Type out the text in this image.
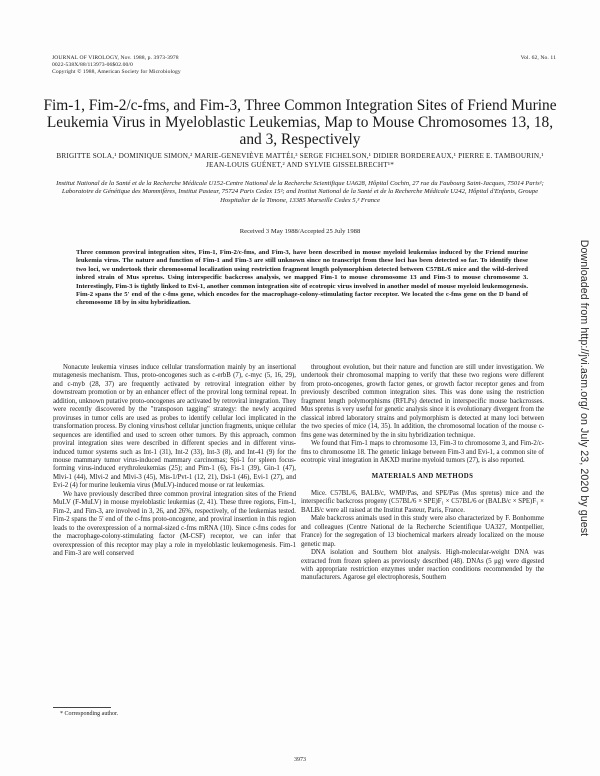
JOURNAL OF VIROLOGY, Nov. 1988, p. 3973-3978
0022-538X/88/113973-06$02.00/0
Copyright © 1988, American Society for Microbiology
Vol. 62, No. 11
Fim-1, Fim-2/c-fms, and Fim-3, Three Common Integration Sites of Friend Murine Leukemia Virus in Myeloblastic Leukemias, Map to Mouse Chromosomes 13, 18, and 3, Respectively
BRIGITTE SOLA,¹ DOMINIQUE SIMON,² MARIE-GENEVIÈVE MATTÉI,³ SERGE FICHELSON,¹ DIDIER BORDEREAUX,¹ PIERRE E. TAMBOURIN,¹ JEAN-LOUIS GUÉNET,² AND SYLVIE GISSELBRECHT¹*
Institut National de la Santé et de la Recherche Médicale U152-Centre National de la Recherche Scientifique UA628, Hôpital Cochin, 27 rue du Faubourg Saint-Jacques, 75014 Paris¹; Laboratoire de Génétique des Mammifères, Institut Pasteur, 75724 Paris Cedex 15²; and Institut National de la Santé et de la Recherche Médicale U242, Hôpital d'Enfants, Groupe Hospitalier de la Timone, 13385 Marseille Cedex 5,³ France
Received 3 May 1988/Accepted 25 July 1988
Three common proviral integration sites, Fim-1, Fim-2/c-fms, and Fim-3, have been described in mouse myeloid leukemias induced by the Friend murine leukemia virus. The nature and function of Fim-1 and Fim-3 are still unknown since no transcript from these loci has been detected so far. To identify these two loci, we undertook their chromosomal localization using restriction fragment length polymorphism detected between C57BL/6 mice and the wild-derived inbred strain of Mus spretus. Using interspecific backcross analysis, we mapped Fim-1 to mouse chromosome 13 and Fim-3 to mouse chromosome 3. Interestingly, Fim-3 is tightly linked to Evi-1, another common integration site of ecotropic virus involved in another model of mouse myeloid leukemogenesis. Fim-2 spans the 5' end of the c-fms gene, which encodes for the macrophage-colony-stimulating factor receptor. We located the c-fms gene on the D band of chromosome 18 by in situ hybridization.

Nonacute leukemia viruses induce cellular transformation mainly by an insertional mutagenesis mechanism. Thus, proto-oncogenes such as c-erbB (7), c-myc (5, 16, 29), and c-myb (28, 37) are frequently activated by retroviral integration either by downstream promotion or by an enhancer effect of the proviral long terminal repeat. In addition, unknown putative proto-oncogenes are activated by retroviral integration. They were recently discovered by the "transposon tagging" strategy: the newly acquired proviruses in tumor cells are used as probes to identify cellular loci implicated in the transformation process. By cloning virus/host cellular junction fragments, unique cellular sequences are identified and used to screen other tumors. By this approach, common proviral integration sites were described in different species and in different virus-induced tumor systems such as Int-1 (31), Int-2 (33), Int-3 (8), and Int-41 (9) for the mouse mammary tumor virus-induced mammary carcinomas; Spi-1 for spleen focus-forming virus-induced erythroleukemias (25); and Pim-1 (6), Fis-1 (39), Gin-1 (47), Mlvi-1 (44), Mlvi-2 and Mlvi-3 (45), Mis-1/Pvt-1 (12, 21), Dsi-1 (46), Evi-1 (27), and Evi-2 (4) for murine leukemia virus (MuLV)-induced mouse or rat leukemias.

We have previously described three common proviral integration sites of the Friend MuLV (F-MuLV) in mouse myeloblastic leukemias (2, 41). These three regions, Fim-1, Fim-2, and Fim-3, are involved in 3, 26, and 26%, respectively, of the leukemias tested. Fim-2 spans the 5' end of the c-fms proto-oncogene, and proviral insertion in this region leads to the overexpression of a normal-sized c-fms mRNA (10). Since c-fms codes for the macrophage-colony-stimulating factor (M-CSF) receptor, we can infer that overexpression of this receptor may play a role in myeloblastic leukemogenesis. Fim-1 and Fim-3 are well conserved

throughout evolution, but their nature and function are still under investigation. We undertook their chromosomal mapping to verify that these two regions were different from proto-oncogenes, growth factor genes, or growth factor receptor genes and from previously described common integration sites. This was done using the restriction fragment length polymorphisms (RFLPs) detected in interspecific mouse backcrosses. Mus spretus is very useful for genetic analysis since it is evolutionary divergent from the classical inbred laboratory strains and polymorphism is detected at many loci between the two species of mice (14, 35). In addition, the chromosomal location of the mouse c-fms gene was determined by the in situ hybridization technique.

We found that Fim-1 maps to chromosome 13, Fim-3 to chromosome 3, and Fim-2/c-fms to chromosome 18. The genetic linkage between Fim-3 and Evi-1, a common site of ecotropic viral integration in AKXD murine myeloid tumors (27), is also reported.

MATERIALS AND METHODS

Mice. C57BL/6, BALB/c, WMP/Pas, and SPE/Pas (Mus spretus) mice and the interspecific backcross progeny (C57BL/6 × SPE)F₁ × C57BL/6 or (BALB/c × SPE)F₁ × BALB/c were all raised at the Institut Pasteur, Paris, France.

Male backcross animals used in this study were also characterized by F. Bonhomme and colleagues (Centre National de la Recherche Scientifique UA327, Montpellier, France) for the segregation of 13 biochemical markers already localized on the mouse genetic map.

DNA isolation and Southern blot analysis. High-molecular-weight DNA was extracted from frozen spleen as previously described (48). DNAs (5 μg) were digested with appropriate restriction enzymes under reaction conditions recommended by the manufacturers. Agarose gel electrophoresis, Southern

* Corresponding author.
3973
Downloaded from http://jvi.asm.org/ on July 23, 2020 by guest
